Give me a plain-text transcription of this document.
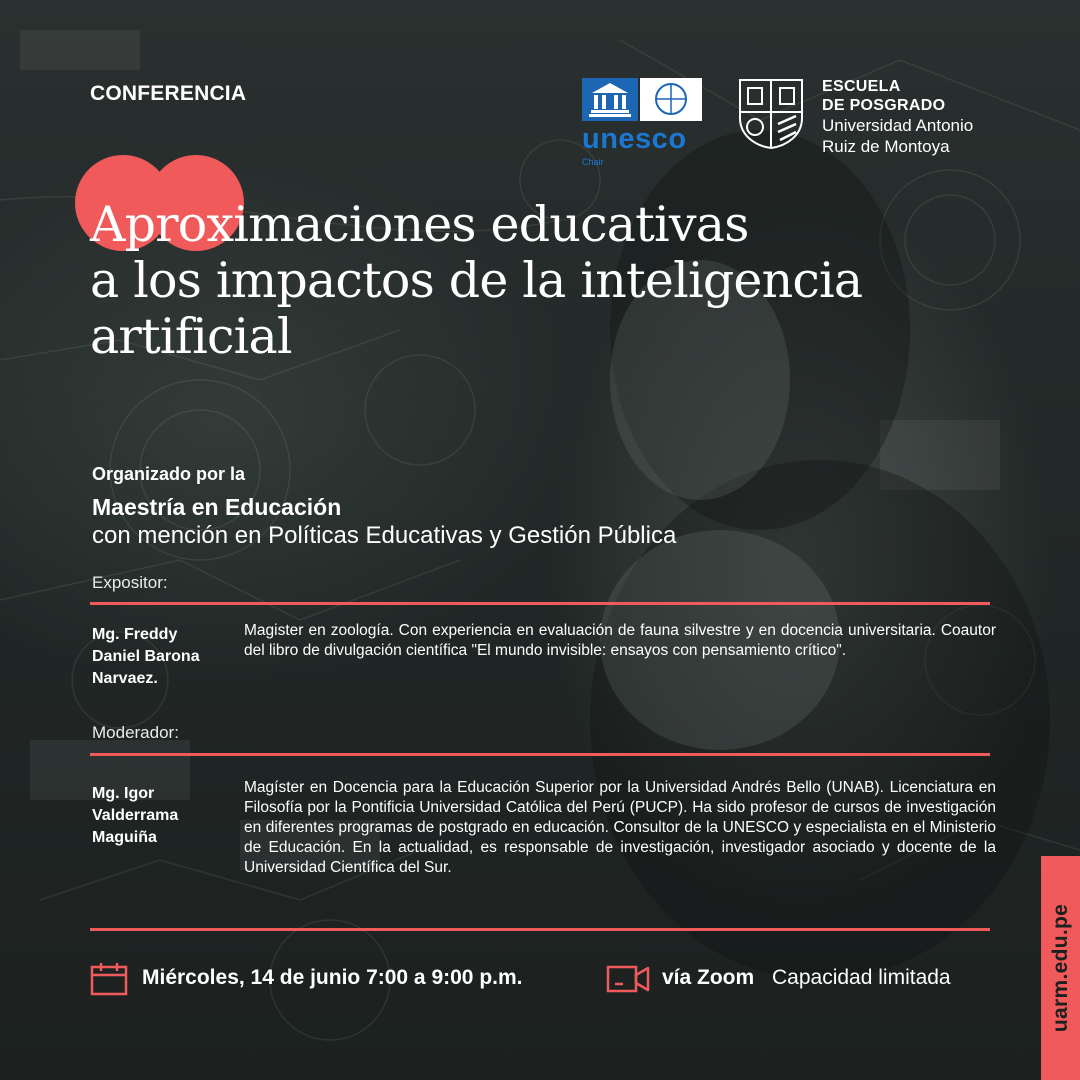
CONFERENCIA
unesco
Chair
ESCUELA
DE POSGRADO
Universidad Antonio
Ruiz de Montoya
Aproximaciones educativas
a los impactos de la inteligencia
artificial
Organizado por la
Maestría en Educación
con mención en Políticas Educativas y Gestión Pública
Expositor:
Mg. Freddy
Daniel Barona
Narvaez.
Magister en zoología. Con experiencia en evaluación de fauna silvestre y en docencia universitaria. Coautor del libro de divulgación científica "El mundo invisible: ensayos con pensamiento crítico".
Moderador:
Mg. Igor
Valderrama
Maguiña
Magíster en Docencia para la Educación Superior por la Universidad Andrés Bello (UNAB). Licenciatura en Filosofía por la Pontificia Universidad Católica del Perú (PUCP). Ha sido profesor de cursos de investigación en diferentes programas de postgrado en educación. Consultor de la UNESCO y especialista en el Ministerio de Educación. En la actualidad, es responsable de investigación, investigador asociado y docente de la Universidad Científica del Sur.
Miércoles, 14 de junio 7:00 a 9:00 p.m.	vía Zoom Capacidad limitada	uarm.edu.pe
